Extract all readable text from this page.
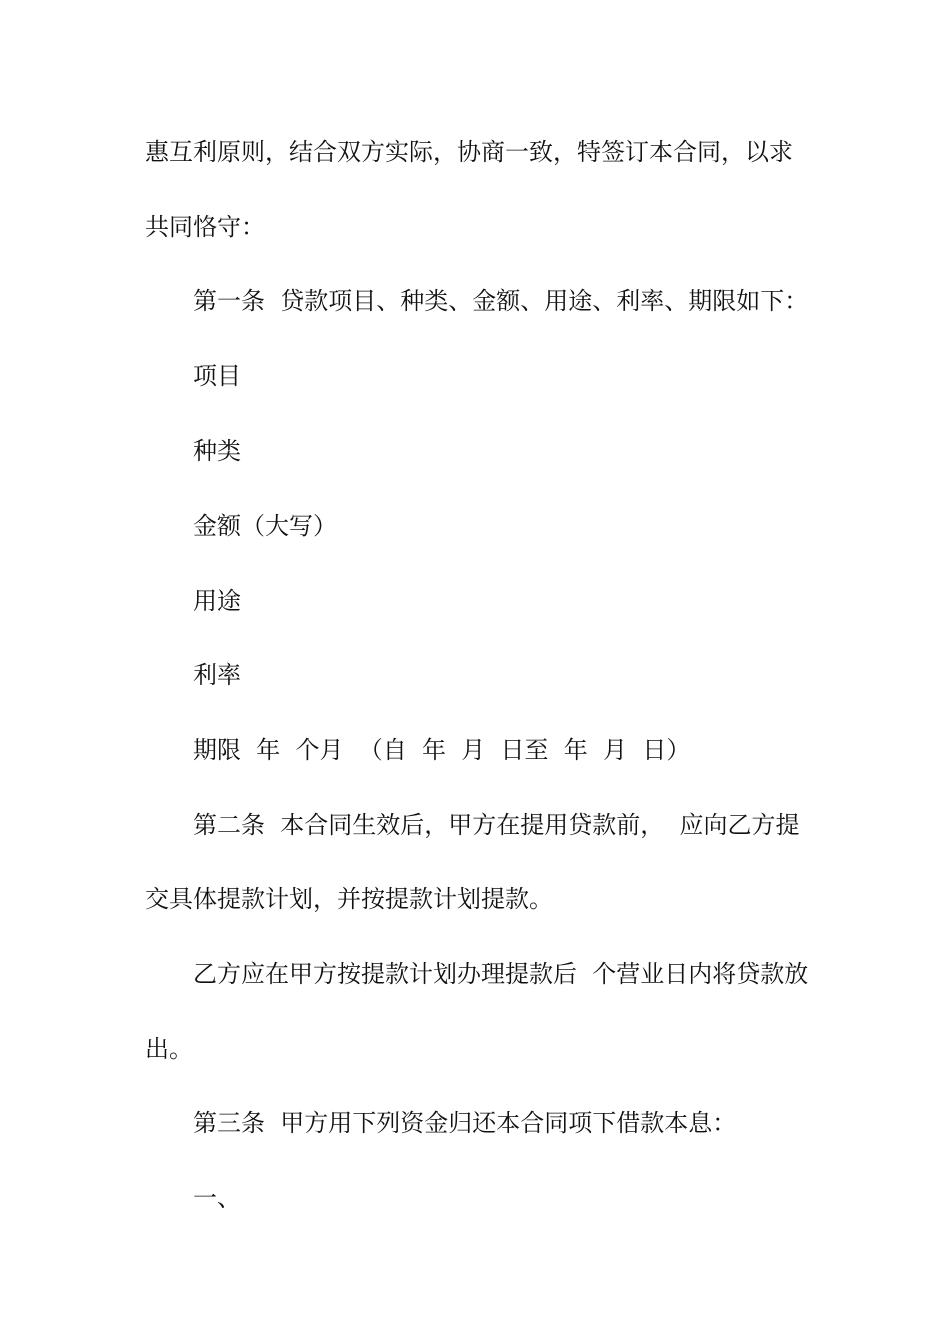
惠互利原则，结合双方实际，协商一致，特签订本合同，以求

共同恪守：

第一条  贷款项目、种类、金额、用途、利率、期限如下：

项目

种类

金额（大写）

用途

利率

期限  年  个月  （自  年  月  日至  年  月  日）

第二条  本合同生效后，甲方在提用贷款前，  应向乙方提

交具体提款计划，并按提款计划提款。

乙方应在甲方按提款计划办理提款后  个营业日内将贷款放

出。

第三条  甲方用下列资金归还本合同项下借款本息：

一、
